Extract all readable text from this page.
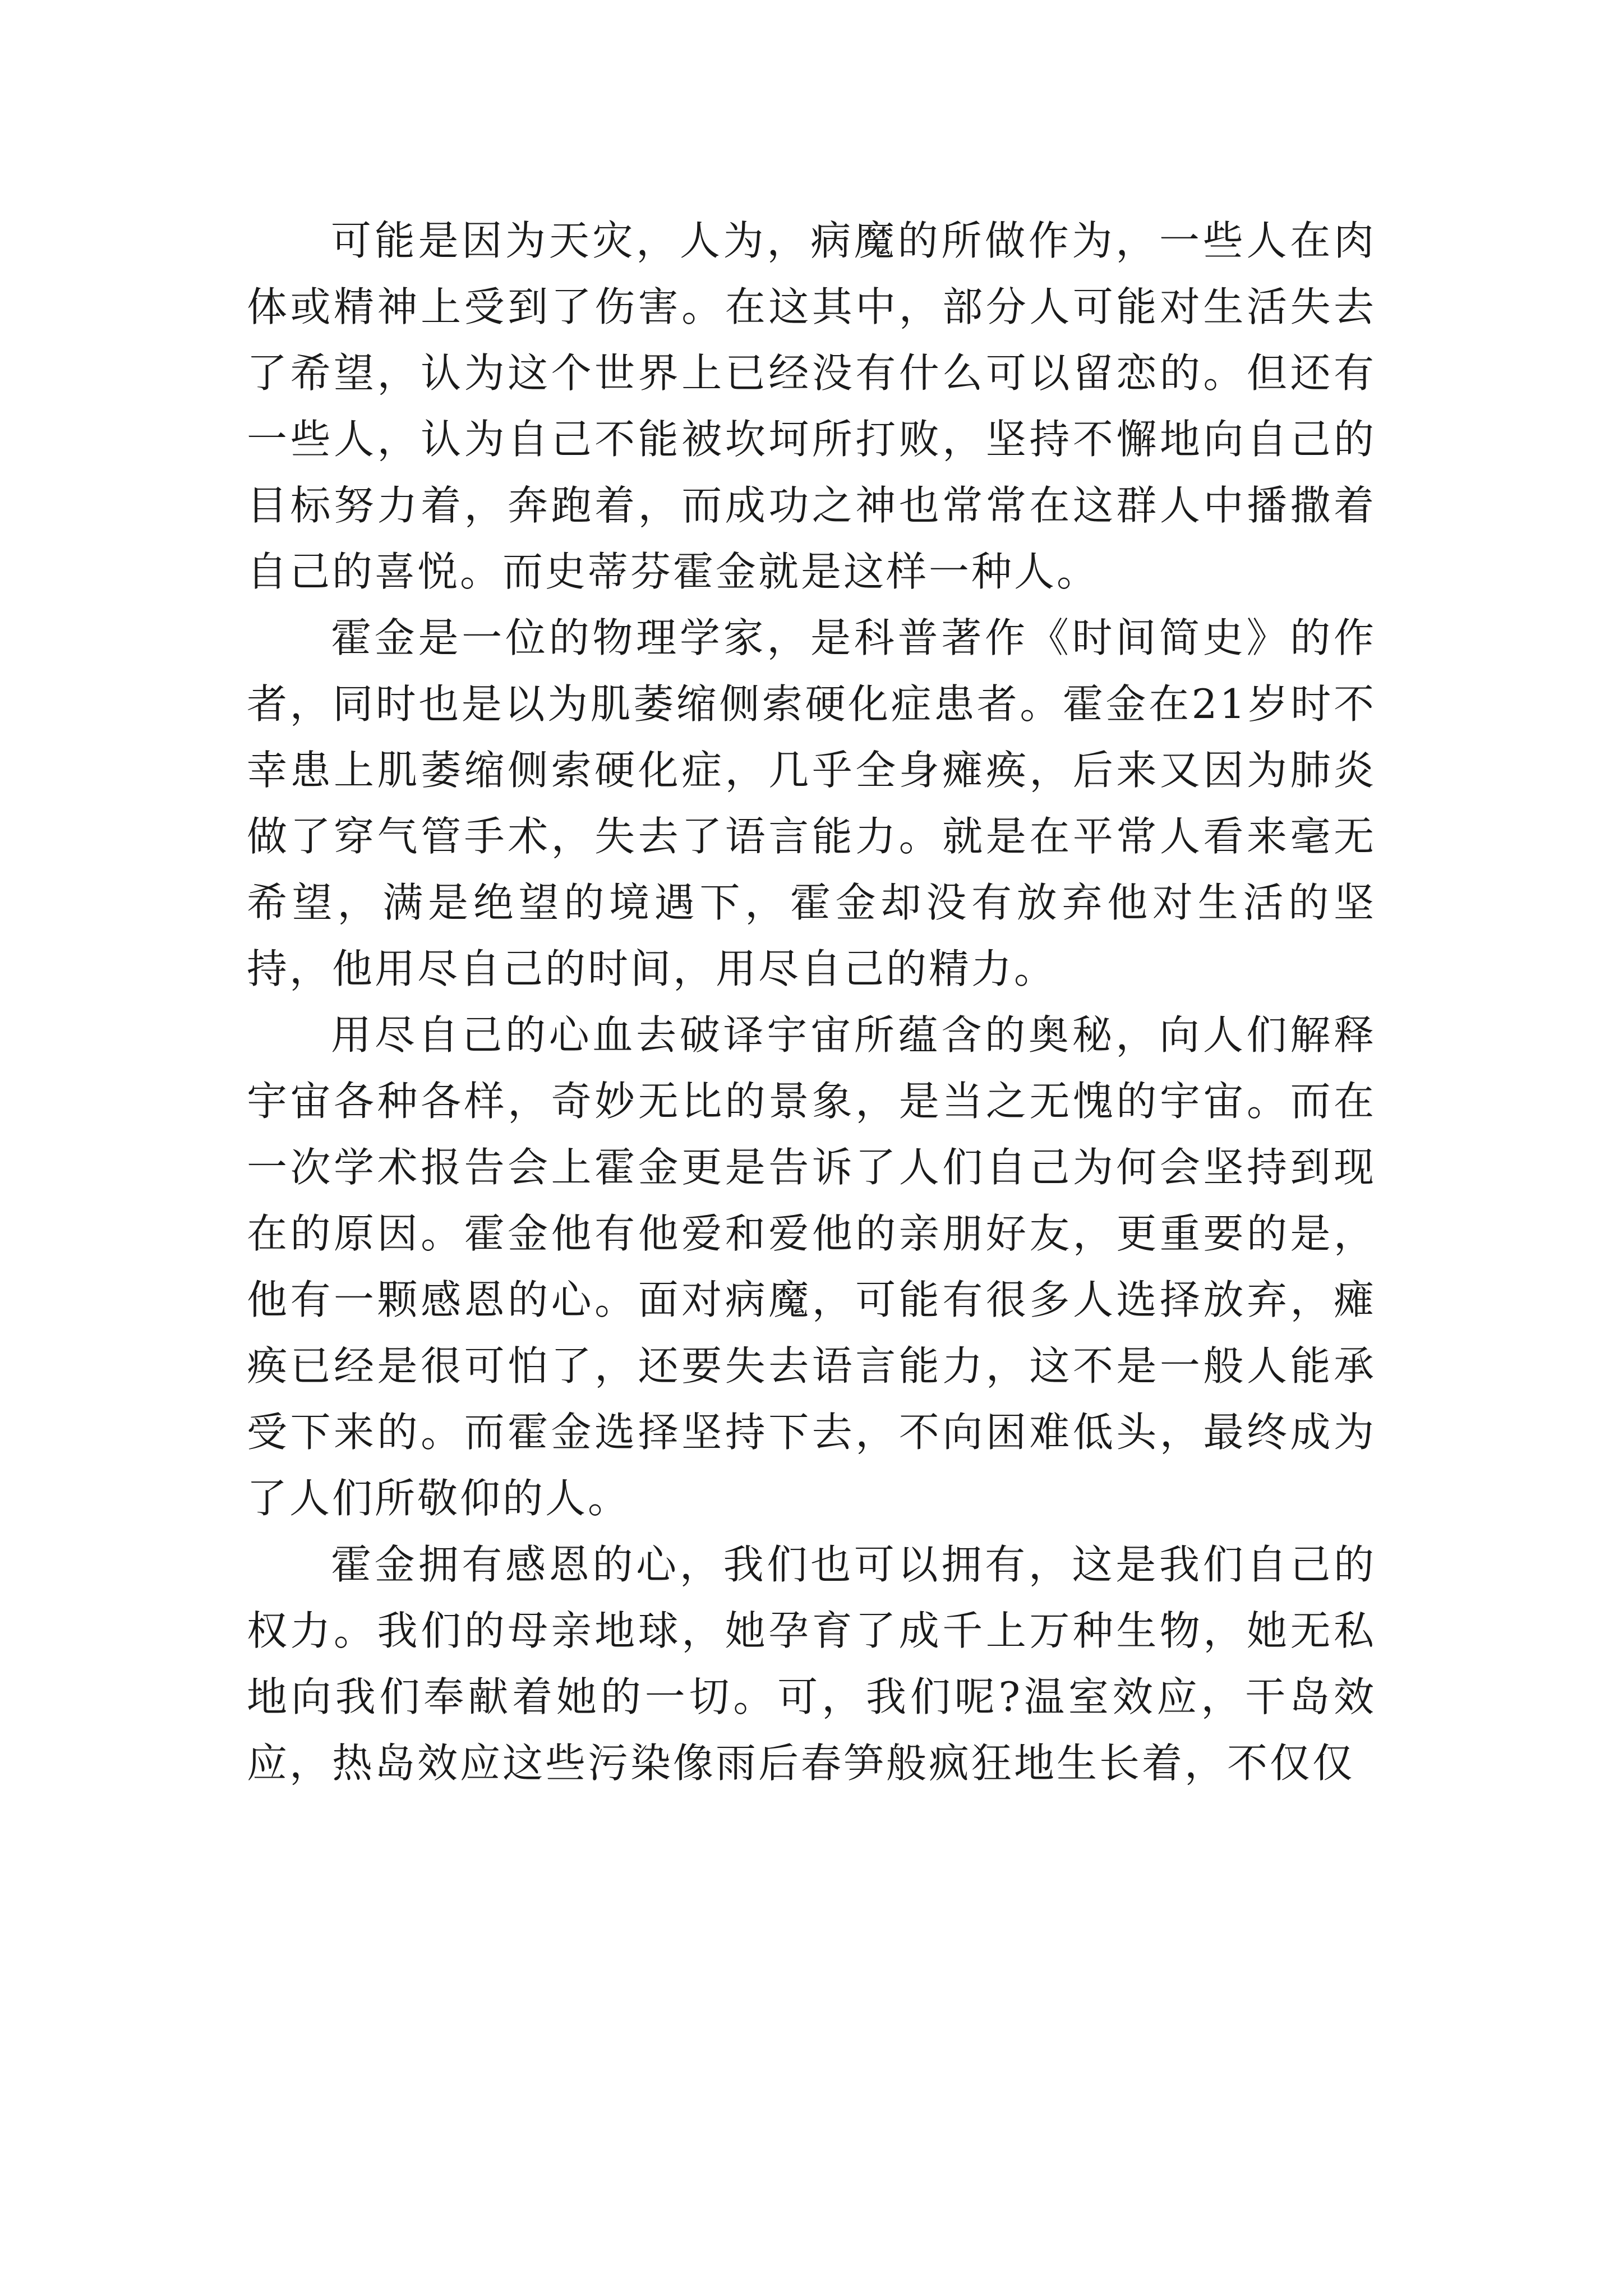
可能是因为天灾，人为，病魔的所做作为，一些人在肉体或精神上受到了伤害。在这其中，部分人可能对生活失去了希望，认为这个世界上已经没有什么可以留恋的。但还有一些人，认为自己不能被坎坷所打败，坚持不懈地向自己的目标努力着，奔跑着，而成功之神也常常在这群人中播撒着自己的喜悦。而史蒂芬霍金就是这样一种人。

霍金是一位的物理学家，是科普著作《时间简史》的作者，同时也是以为肌萎缩侧索硬化症患者。霍金在21岁时不幸患上肌萎缩侧索硬化症，几乎全身瘫痪，后来又因为肺炎做了穿气管手术，失去了语言能力。就是在平常人看来毫无希望，满是绝望的境遇下，霍金却没有放弃他对生活的坚持，他用尽自己的时间，用尽自己的精力。

用尽自己的心血去破译宇宙所蕴含的奥秘，向人们解释宇宙各种各样，奇妙无比的景象，是当之无愧的宇宙。而在一次学术报告会上霍金更是告诉了人们自己为何会坚持到现在的原因。霍金他有他爱和爱他的亲朋好友，更重要的是，他有一颗感恩的心。面对病魔，可能有很多人选择放弃，瘫痪已经是很可怕了，还要失去语言能力，这不是一般人能承受下来的。而霍金选择坚持下去，不向困难低头，最终成为了人们所敬仰的人。

霍金拥有感恩的心，我们也可以拥有，这是我们自己的权力。我们的母亲地球，她孕育了成千上万种生物，她无私地向我们奉献着她的一切。可，我们呢?温室效应，干岛效应，热岛效应这些污染像雨后春笋般疯狂地生长着，不仅仅
